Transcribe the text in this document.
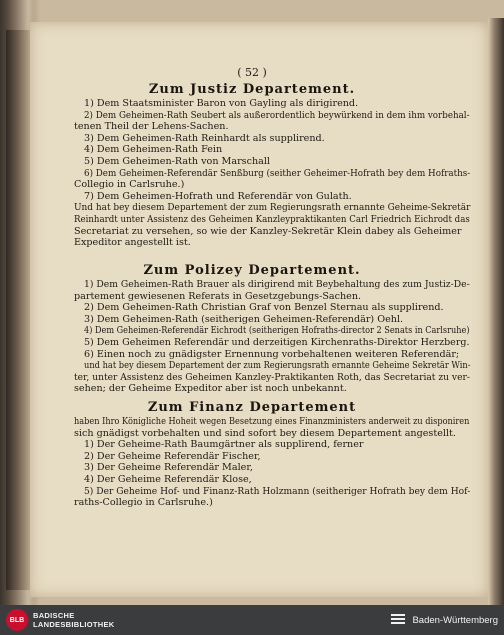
( 52 )
Zum Justiz Departement.
1) Dem Staatsminister Baron von Gayling als dirigirend.
2) Dem Geheimen-Rath Seubert als außerordentlich beywürkend in dem ihm vorbehal-
tenen Theil der Lehens-Sachen.
3) Dem Geheimen-Rath Reinhardt als supplirend.
4) Dem Geheimen-Rath Fein
5) Dem Geheimen-Rath von Marschall
6) Dem Geheimen-Referendär Senßburg (seither Geheimer-Hofrath bey dem Hofraths-
Collegio in Carlsruhe.)
7) Dem Geheimen-Hofrath und Referendär von Gulath.
Und hat bey diesem Departement der zum Regierungsrath ernannte Geheime-Sekretär
Reinhardt unter Assistenz des Geheimen Kanzleypraktikanten Carl Friedrich Eichrodt das
Secretariat zu versehen, so wie der Kanzley-Sekretär Klein dabey als Geheimer
Expeditor angestellt ist.
Zum Polizey Departement.
1) Dem Geheimen-Rath Brauer als dirigirend mit Beybehaltung des zum Justiz-De-
partement gewiesenen Referats in Gesetzgebungs-Sachen.
2) Dem Geheimen-Rath Christian Graf von Benzel Sternau als supplirend.
3) Dem Geheimen-Rath (seitherigen Geheimen-Referendär) Oehl.
4) Dem Geheimen-Referendär Eichrodt (seitherigen Hofraths-director 2 Senats in Carlsruhe)
5) Dem Geheimen Referendär und derzeitigen Kirchenraths-Direktor Herzberg.
6) Einen noch zu gnädigster Ernennung vorbehaltenen weiteren Referendär;
und hat bey diesem Departement der zum Regierungsrath ernannte Geheime Sekretär Win-
ter, unter Assistenz des Geheimen Kanzley-Praktikanten Roth, das Secretariat zu ver-
sehen; der Geheime Expeditor aber ist noch unbekannt.
Zum Finanz Departement
haben Ihro Königliche Hoheit wegen Besetzung eines Finanzministers anderweit zu disponiren
sich gnädigst vorbehalten und sind sofort bey diesem Departement angestellt.
1) Der Geheime-Rath Baumgärtner als supplirend, ferner
2) Der Geheime Referendär Fischer,
3) Der Geheime Referendär Maler,
4) Der Geheime Referendär Klose,
5) Der Geheime Hof- und Finanz-Rath Holzmann (seitheriger Hofrath bey dem Hof-
raths-Collegio in Carlsruhe.)
BLB	BADISCHE
LANDESBIBLIOTHEK	Baden-Württemberg
